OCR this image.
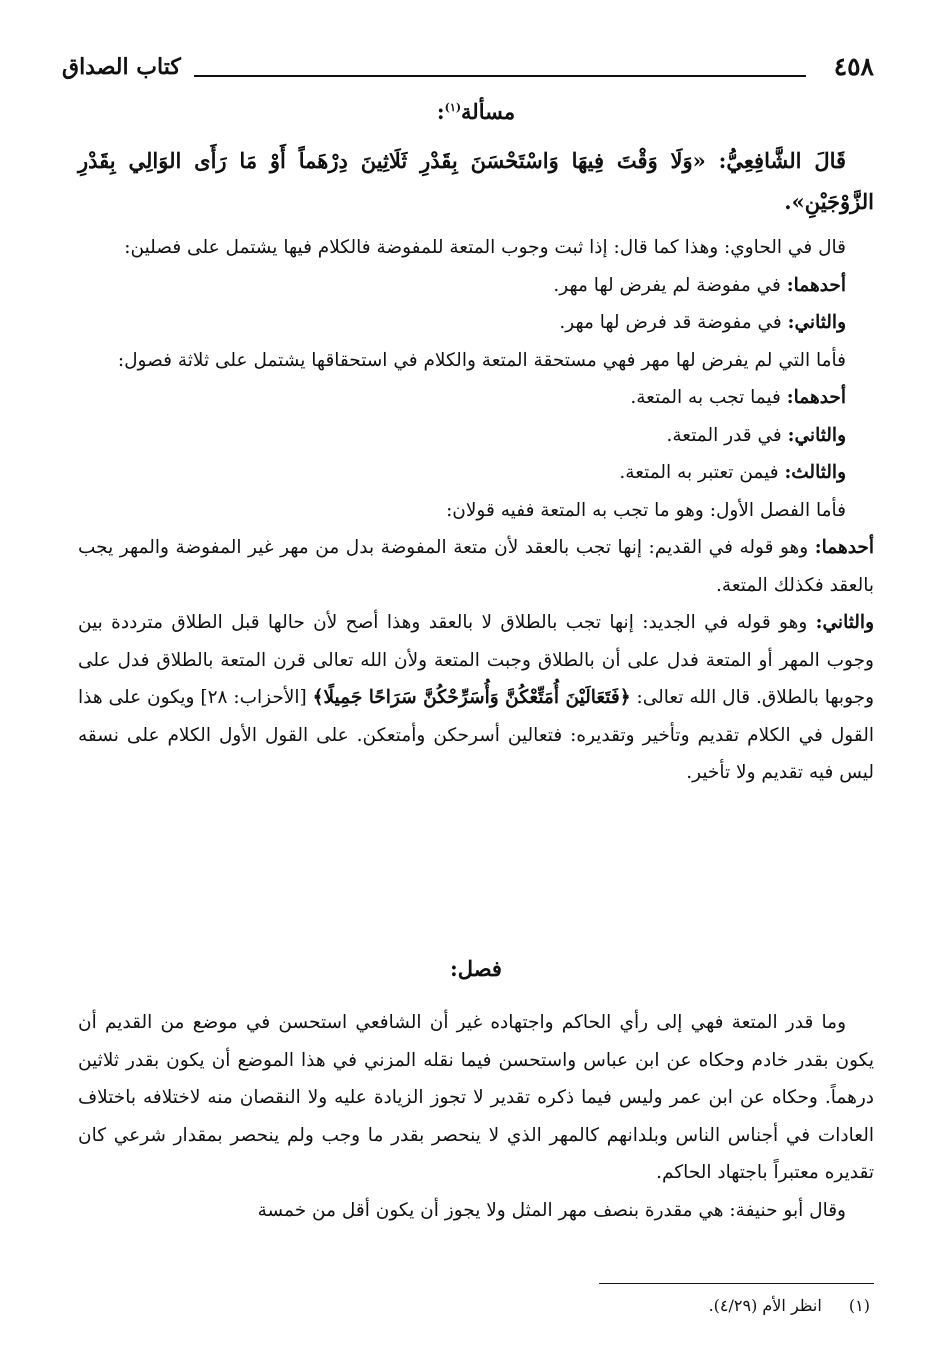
٤٥٨
كتاب الصداق
مسألة$^{(١)}$:

قَالَ الشَّافِعِيُّ: «وَلَا وَقْتَ فِيهَا وَاسْتَحْسَنَ بِقَدْرِ ثَلَاثِينَ دِرْهَماً أَوْ مَا رَأَى الوَالِي بِقَدْرِ الزَّوْجَيْنِ».

قال في الحاوي: وهذا كما قال: إذا ثبت وجوب المتعة للمفوضة فالكلام فيها يشتمل على فصلين:

أحدهما: في مفوضة لم يفرض لها مهر.

والثاني: في مفوضة قد فرض لها مهر.

فأما التي لم يفرض لها مهر فهي مستحقة المتعة والكلام في استحقاقها يشتمل على ثلاثة فصول:

أحدهما: فيما تجب به المتعة.

والثاني: في قدر المتعة.

والثالث: فيمن تعتبر به المتعة.

فأما الفصل الأول: وهو ما تجب به المتعة ففيه قولان:

أحدهما: وهو قوله في القديم: إنها تجب بالعقد لأن متعة المفوضة بدل من مهر غير المفوضة والمهر يجب بالعقد فكذلك المتعة.

والثاني: وهو قوله في الجديد: إنها تجب بالطلاق لا بالعقد وهذا أصح لأن حالها قبل الطلاق مترددة بين وجوب المهر أو المتعة فدل على أن بالطلاق وجبت المتعة ولأن الله تعالى قرن المتعة بالطلاق فدل على وجوبها بالطلاق. قال الله تعالى: ﴿فَتَعَالَيْنَ أُمَتِّعْكُنَّ وَأُسَرِّحْكُنَّ سَرَاحًا جَمِيلًا﴾ [الأحزاب: ٢٨] ويكون على هذا القول في الكلام تقديم وتأخير وتقديره: فتعالين أسرحكن وأمتعكن. على القول الأول الكلام على نسقه ليس فيه تقديم ولا تأخير.

فصل:

وما قدر المتعة فهي إلى رأي الحاكم واجتهاده غير أن الشافعي استحسن في موضع من القديم أن يكون بقدر خادم وحكاه عن ابن عباس واستحسن فيما نقله المزني في هذا الموضع أن يكون بقدر ثلاثين درهماً. وحكاه عن ابن عمر وليس فيما ذكره تقدير لا تجوز الزيادة عليه ولا النقصان منه لاختلافه باختلاف العادات في أجناس الناس وبلدانهم كالمهر الذي لا ينحصر بقدر ما وجب ولم ينحصر بمقدار شرعي كان تقديره معتبراً باجتهاد الحاكم.

وقال أبو حنيفة: هي مقدرة بنصف مهر المثل ولا يجوز أن يكون أقل من خمسة

(١) انظر الأم (٤/٢٩).
